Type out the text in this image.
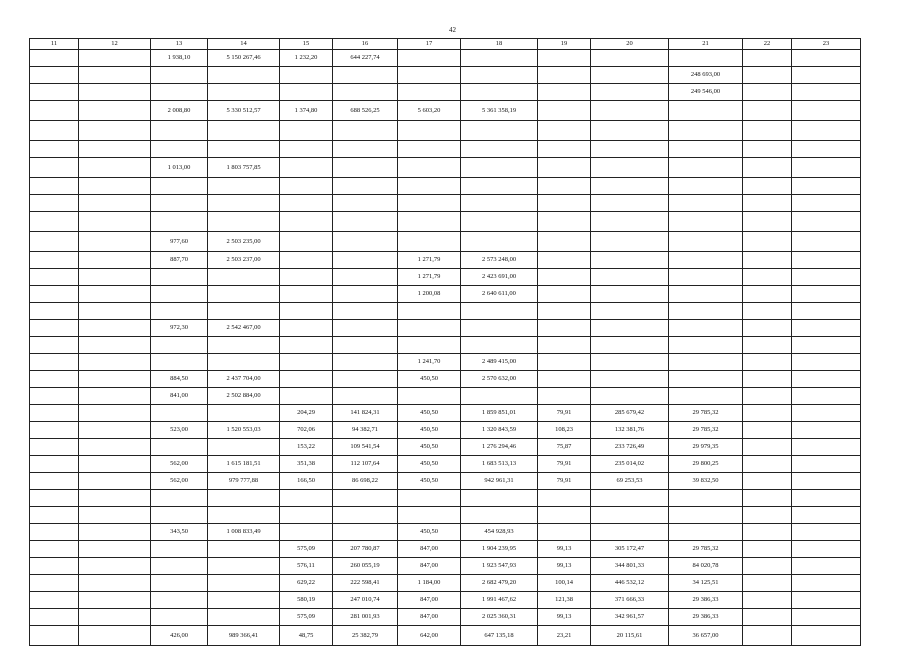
42
11	12	13	14	15	16	17	18	19	20	21	22	23
		1 938,10	5 150 267,46	1 232,20	644 227,74							
										248 693,00		
										249 546,00		
		2 008,80	5 330 512,57	1 374,80	688 526,25	5 603,20	5 361 358,19					

		1 013,00	1 803 757,85									

		977,60	2 503 235,00									
		887,70	2 503 237,00			1 271,79	2 573 248,00					
						1 271,79	2 423 691,00					
						1 200,08	2 640 611,00					

		972,30	2 542 467,00									

						1 241,70	2 489 415,00					
		884,50	2 437 704,00			450,50	2 570 632,00					
		841,00	2 502 884,00									
				204,29	141 824,31	450,50	1 859 851,01	79,91	285 679,42	29 785,32		
		523,00	1 520 553,03	702,06	94 382,71	450,50	1 320 843,59	108,23	132 381,76	29 785,32		
				153,22	109 541,54	450,50	1 276 294,46	75,87	233 726,49	29 979,35		
		562,00	1 615 181,51	351,38	112 107,64	450,50	1 683 513,13	79,91	235 014,02	29 800,25		
		562,00	979 777,88	166,50	86 698,22	450,50	942 961,31	79,91	69 253,53	39 832,50		

		343,50	1 008 833,49			450,50	454 928,93					
				575,09	207 780,87	847,00	1 904 239,95	99,13	305 172,47	29 785,32		
				576,11	260 055,19	847,00	1 923 547,93	99,13	344 801,33	84 020,78		
				629,22	222 598,41	1 184,00	2 682 479,20	100,14	446 532,12	34 125,51		
				580,19	247 010,74	847,00	1 991 467,62	121,38	371 666,33	29 386,33		
				575,09	281 001,93	847,00	2 025 360,31	99,13	342 961,57	29 386,33		
		426,00	989 366,41	48,75	25 382,79	642,00	647 135,18	23,21	20 115,61	36 657,00		
